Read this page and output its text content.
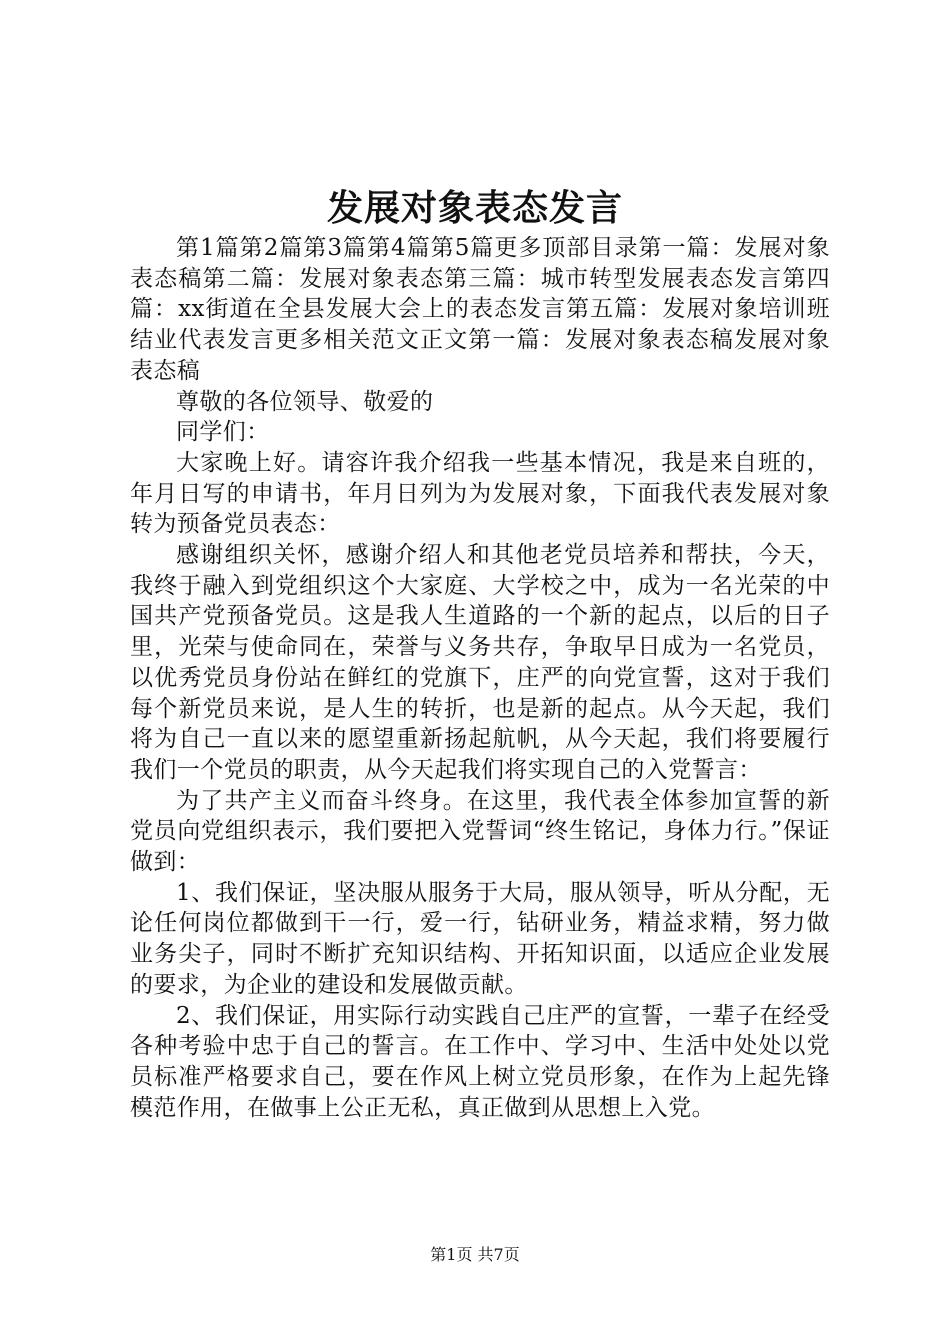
发展对象表态发言

第1篇第2篇第3篇第4篇第5篇更多顶部目录第一篇：发展对象表态稿第二篇：发展对象表态第三篇：城市转型发展表态发言第四篇：xx街道在全县发展大会上的表态发言第五篇：发展对象培训班结业代表发言更多相关范文正文第一篇：发展对象表态稿发展对象表态稿

尊敬的各位领导、敬爱的

同学们：

大家晚上好。请容许我介绍我一些基本情况，我是来自班的，年月日写的申请书，年月日列为为发展对象，下面我代表发展对象转为预备党员表态：

感谢组织关怀，感谢介绍人和其他老党员培养和帮扶，今天，我终于融入到党组织这个大家庭、大学校之中，成为一名光荣的中国共产党预备党员。这是我人生道路的一个新的起点，以后的日子里，光荣与使命同在，荣誉与义务共存，争取早日成为一名党员，以优秀党员身份站在鲜红的党旗下，庄严的向党宣誓，这对于我们每个新党员来说，是人生的转折，也是新的起点。从今天起，我们将为自己一直以来的愿望重新扬起航帆，从今天起，我们将要履行我们一个党员的职责，从今天起我们将实现自己的入党誓言：

为了共产主义而奋斗终身。在这里，我代表全体参加宣誓的新党员向党组织表示，我们要把入党誓词“终生铭记，身体力行。”保证做到：

1、我们保证，坚决服从服务于大局，服从领导，听从分配，无论任何岗位都做到干一行，爱一行，钻研业务，精益求精，努力做业务尖子，同时不断扩充知识结构、开拓知识面，以适应企业发展的要求，为企业的建设和发展做贡献。

2、我们保证，用实际行动实践自己庄严的宣誓，一辈子在经受各种考验中忠于自己的誓言。在工作中、学习中、生活中处处以党员标准严格要求自己，要在作风上树立党员形象，在作为上起先锋模范作用，在做事上公正无私，真正做到从思想上入党。

第1页 共7页
